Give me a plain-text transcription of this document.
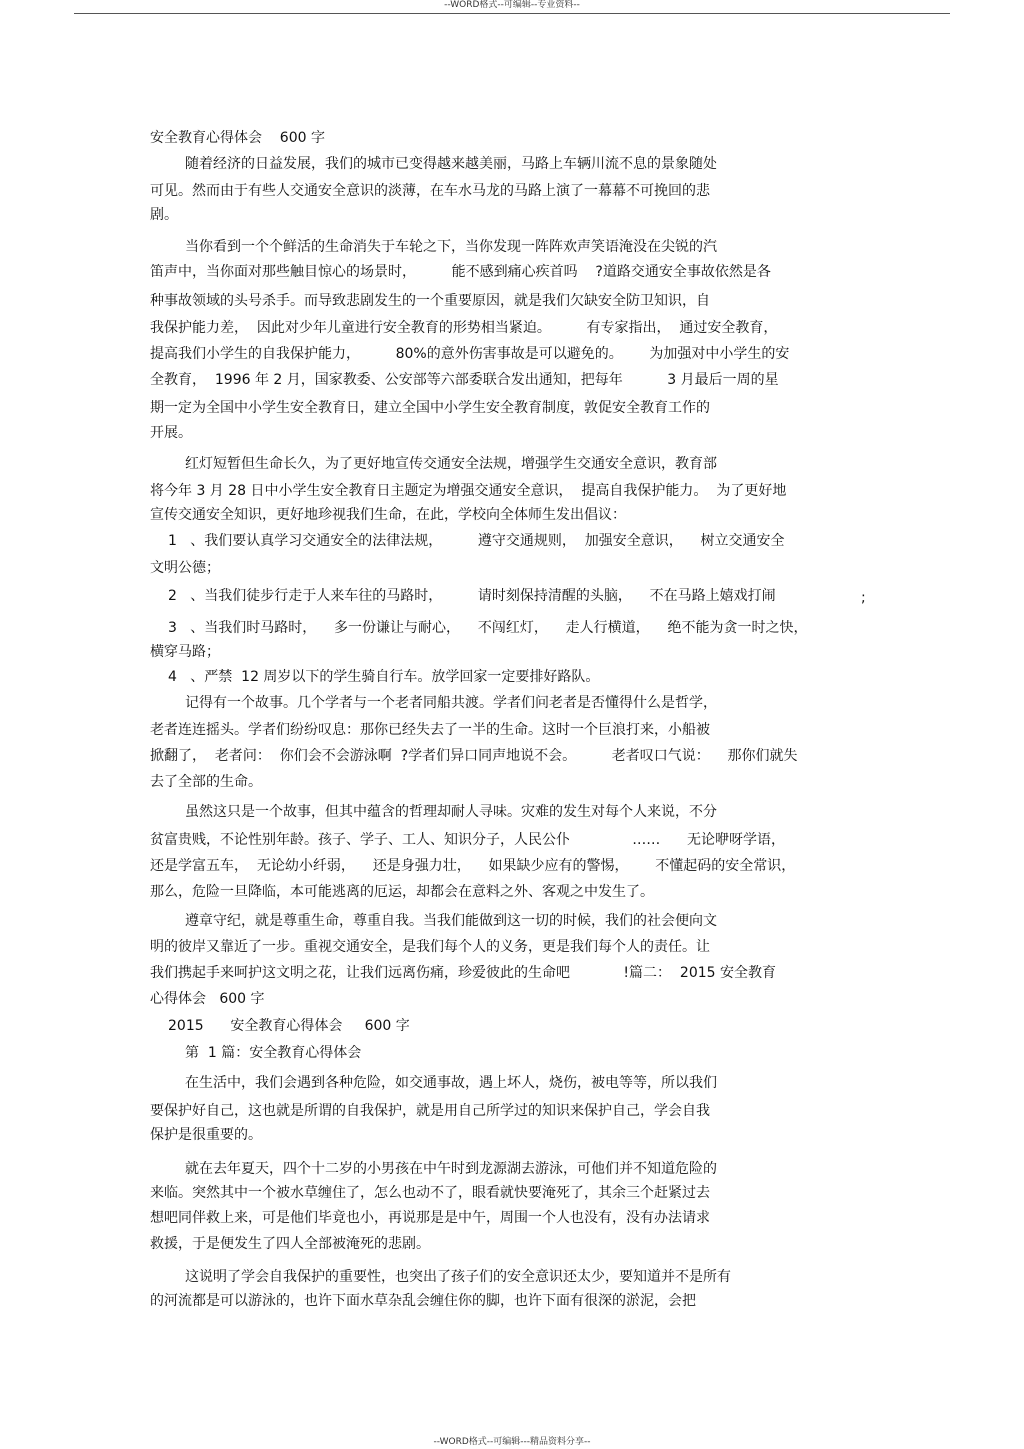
--WORD格式--可编辑--专业资料--
安全教育心得体会    600 字
随着经济的日益发展，我们的城市已变得越来越美丽，马路上车辆川流不息的景象随处
可见。然而由于有些人交通安全意识的淡薄，在车水马龙的马路上演了一幕幕不可挽回的悲
剧。
当你看到一个个鲜活的生命消失于车轮之下，当你发现一阵阵欢声笑语淹没在尖锐的汽
笛声中，当你面对那些触目惊心的场景时，        能不感到痛心疾首吗    ?道路交通安全事故依然是各
种事故领域的头号杀手。而导致悲剧发生的一个重要原因，就是我们欠缺安全防卫知识，自
我保护能力差，  因此对少年儿童进行安全教育的形势相当紧迫。        有专家指出，  通过安全教育，
提高我们小学生的自我保护能力，        80%的意外伤害事故是可以避免的。      为加强对中小学生的安
全教育，  1996 年 2 月，国家教委、公安部等六部委联合发出通知，把每年          3 月最后一周的星
期一定为全国中小学生安全教育日，建立全国中小学生安全教育制度，敦促安全教育工作的
开展。
红灯短暂但生命长久，为了更好地宣传交通安全法规，增强学生交通安全意识，教育部
将今年 3 月 28 日中小学生安全教育日主题定为增强交通安全意识，  提高自我保护能力。  为了更好地
宣传交通安全知识，更好地珍视我们生命，在此，学校向全体师生发出倡议：
1   、我们要认真学习交通安全的法律法规，        遵守交通规则，  加强安全意识，    树立交通安全
文明公德；
2   、当我们徒步行走于人来车往的马路时，        请时刻保持清醒的头脑，    不在马路上嬉戏打闹	;
3   、当我们时马路时，    多一份谦让与耐心，    不闯红灯，    走人行横道，    绝不能为贪一时之快，
横穿马路；
4   、严禁  12 周岁以下的学生骑自行车。放学回家一定要排好路队。
记得有一个故事。几个学者与一个老者同船共渡。学者们问老者是否懂得什么是哲学，
老者连连摇头。学者们纷纷叹息：那你已经失去了一半的生命。这时一个巨浪打来，小船被
掀翻了，  老者问：  你们会不会游泳啊  ?学者们异口同声地说不会。        老者叹口气说：    那你们就失
去了全部的生命。
虽然这只是一个故事，但其中蕴含的哲理却耐人寻味。灾难的发生对每个人来说，不分
贫富贵贱，不论性别年龄。孩子、学子、工人、知识分子，人民公仆              ……      无论咿呀学语，
还是学富五车，  无论幼小纤弱，    还是身强力壮，    如果缺少应有的警惕，      不懂起码的安全常识，
那么，危险一旦降临，本可能逃离的厄运，却都会在意料之外、客观之中发生了。
遵章守纪，就是尊重生命，尊重自我。当我们能做到这一切的时候，我们的社会便向文
明的彼岸又靠近了一步。重视交通安全，是我们每个人的义务，更是我们每个人的责任。让
我们携起手来呵护这文明之花，让我们远离伤痛，珍爱彼此的生命吧            !篇二：  2015 安全教育
心得体会   600 字
2015      安全教育心得体会     600 字
第  1 篇：安全教育心得体会
在生活中，我们会遇到各种危险，如交通事故，遇上坏人，烧伤，被电等等，所以我们
要保护好自己，这也就是所谓的自我保护，就是用自己所学过的知识来保护自己，学会自我
保护是很重要的。
就在去年夏天，四个十二岁的小男孩在中午时到龙源湖去游泳，可他们并不知道危险的
来临。突然其中一个被水草缠住了，怎么也动不了，眼看就快要淹死了，其余三个赶紧过去
想吧同伴救上来，可是他们毕竟也小，再说那是是中午，周围一个人也没有，没有办法请求
救援，于是便发生了四人全部被淹死的悲剧。
这说明了学会自我保护的重要性，也突出了孩子们的安全意识还太少，要知道并不是所有
的河流都是可以游泳的，也许下面水草杂乱会缠住你的脚，也许下面有很深的淤泥，会把
--WORD格式--可编辑---精品资料分享--
